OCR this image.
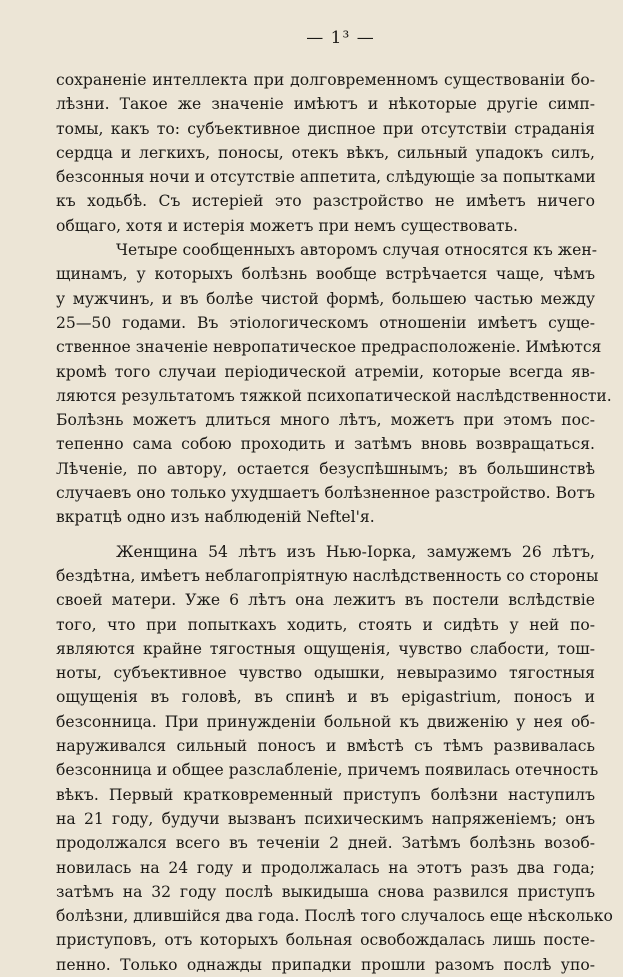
— 1³ —
сохраненіе интеллекта при долговременномъ существованіи бо-
лѣзни. Такое же значеніе имѣютъ и нѣкоторые другіе симп-
томы, какъ то: субъективное диспное при отсутствіи страданія
сердца и легкихъ, поносы, отекъ вѣкъ, сильный упадокъ силъ,
безсонныя ночи и отсутствіе аппетита, слѣдующіе за попытками
къ ходьбѣ. Съ истеріей это разстройство не имѣетъ ничего
общаго, хотя и истерія можетъ при немъ существовать.
Четыре сообщенныхъ авторомъ случая относятся къ жен-
щинамъ, у которыхъ болѣзнь вообще встрѣчается чаще, чѣмъ
у мужчинъ, и въ болѣе чистой формѣ, большею частью между
25—50 годами. Въ этіологическомъ отношеніи имѣетъ суще-
ственное значеніе невропатическое предрасположеніе. Имѣются
кромѣ того случаи періодической атремiи, которые всегда яв-
ляются результатомъ тяжкой психопатической наслѣдственности.
Болѣзнь можетъ длиться много лѣтъ, можетъ при этомъ пос-
тепенно сама собою проходить и затѣмъ вновь возвращаться.
Лѣченіе, по автору, остается безуспѣшнымъ; въ большинствѣ
случаевъ оно только ухудшаетъ болѣзненное разстройство. Вотъ
вкратцѣ одно изъ наблюденій Neftel'я.
Женщина 54 лѣтъ изъ Нью-Іорка, замужемъ 26 лѣтъ,
бездѣтна, имѣетъ неблагопріятную наслѣдственность со стороны
своей матери. Уже 6 лѣтъ она лежитъ въ постели вслѣдствіе
того, что при попыткахъ ходить, стоять и сидѣть у ней по-
являются крайне тягостныя ощущенія, чувство слабости, тош-
ноты, субъективное чувство одышки, невыразимо тягостныя
ощущенія въ головѣ, въ спинѣ и въ epigastrium, поносъ и
безсонница. При принужденіи больной къ движенію у нея об-
наруживался сильный поносъ и вмѣстѣ съ тѣмъ развивалась
безсонница и общее разслабленіе, причемъ появилась отечность
вѣкъ. Первый кратковременный приступъ болѣзни наступилъ
на 21 году, будучи вызванъ психическимъ напряженіемъ; онъ
продолжался всего въ теченіи 2 дней. Затѣмъ болѣзнь возоб-
новилась на 24 году и продолжалась на этотъ разъ два года;
затѣмъ на 32 году послѣ выкидыша снова развился приступъ
болѣзни, длившійся два года. Послѣ того случалось еще нѣсколько
приступовъ, отъ которыхъ больная освобождалась лишь посте-
пенно. Только однажды припадки прошли разомъ послѣ упо-
